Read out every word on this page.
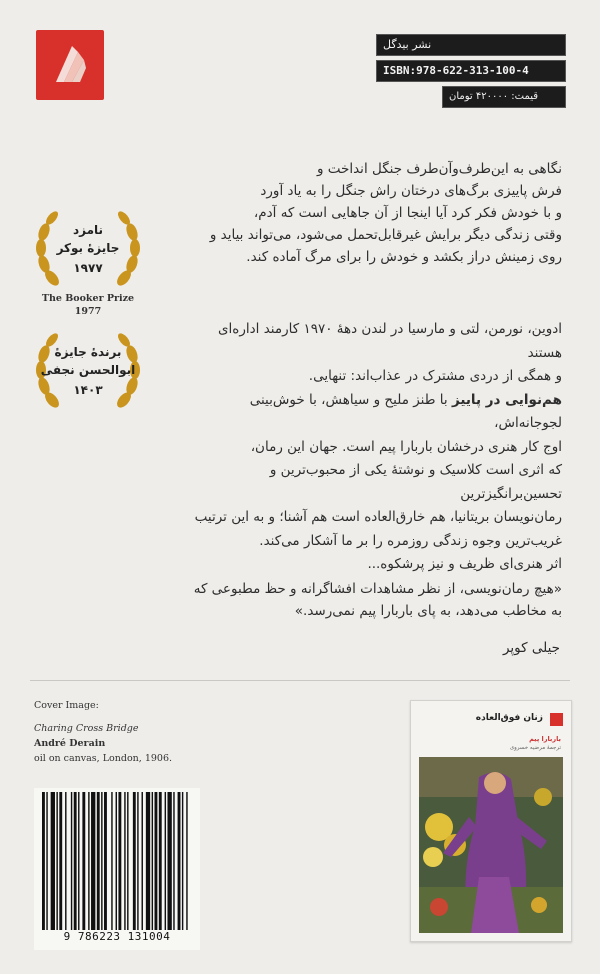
نشر بیدگل
ISBN:978-622-313-100-4
قیمت: ۴۲۰۰۰۰ تومان
نگاهی به این‌طرف‌وآن‌طرف جنگل انداخت و
فرش پاییزی برگ‌های درختان راش جنگل را به یاد آورد
و با خودش فکر کرد آیا اینجا از آن جاهایی است که آدم،
وقتی زندگی دیگر برایش غیرقابل‌تحمل می‌شود، می‌تواند بیاید و
روی زمینش دراز بکشد و خودش را برای مرگ آماده کند.
ادوین، نورمن، لتی و مارسیا در لندن دهۀ ۱۹۷۰ کارمند اداره‌ای هستند
و همگی از دردی مشترک در عذاب‌اند: تنهایی.
هم‌نوایی در پاییز با طنز ملیح و سیاهش، با خوش‌بینی لجوجانه‌اش،
اوج کار هنری درخشان باربارا پیم است. جهان این رمان،
که اثری است کلاسیک و نوشتۀ یکی از محبوب‌ترین و تحسین‌برانگیزترین
رمان‌نویسان بریتانیا، هم خارق‌العاده است هم آشنا؛ و به این ترتیب
غریب‌ترین وجوه زندگی روزمره را بر ما آشکار می‌کند.
اثر هنری‌ای ظریف و نیز پرشکوه...
«هیچ رمان‌نویسی، از نظر مشاهدات افشاگرانه و حظ مطبوعی که
به مخاطب می‌دهد، به پای باربارا پیم نمی‌رسد.»
جیلی کوپر
نامزد
جایزهٔ بوکر
۱۹۷۷
The Booker Prize
1977
برندهٔ جایزهٔ
ابوالحسن نجفی
۱۴۰۳
Cover Image:
Charing Cross Bridge
André Derain
oil on canvas, London, 1906.
9 786223 131004
زنان فوق‌العاده
باربارا پیم
ترجمهٔ مرضیه خسروی
